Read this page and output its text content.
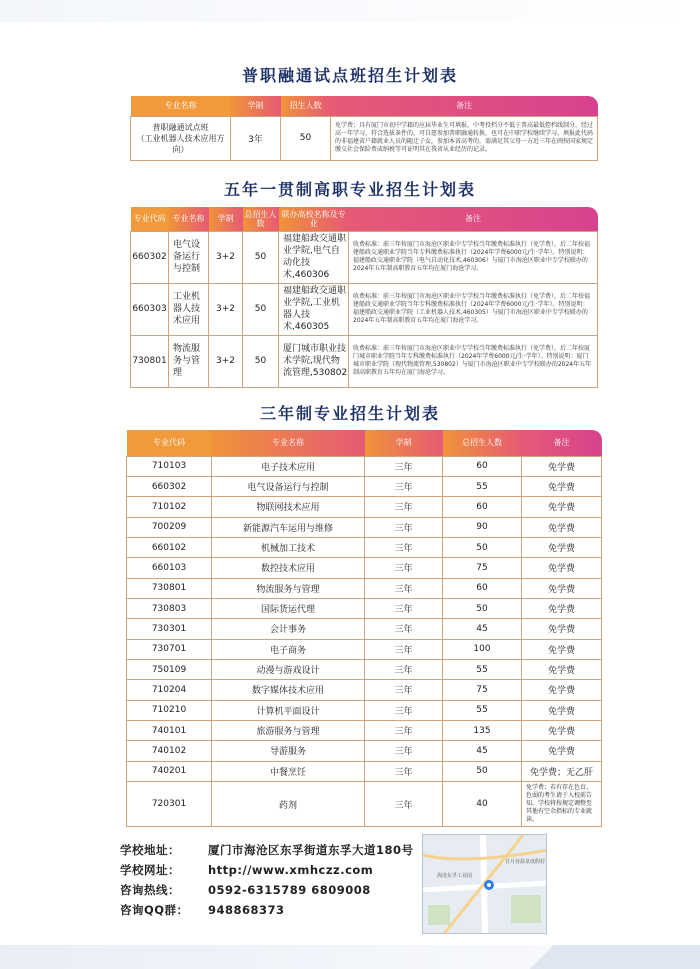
普职融通试点班招生计划表
专业名称	学制	招生人数	备注

普职融通试点班
（工业机器人技术应用方向）	3年	50	免学费；具有厦门市初中学籍的应届毕业生可填报。中考投档分不低于普高最低控档线制分，经过高一年学习，符合选拔条件的，可自愿参加普职融通转换，也可在中职学校继续学习。填报此代码的非福建省户籍就业人员的随迁子女，参加本省高考的，需满足其父母一方近三年在闽按国家规定缴交社会保险费或纳税等可证明其在我省从业经历的记录。
五年一贯制高职专业招生计划表
专业代码	专业名称	学制	总招生人数	联办高校名称及专业	备注
660302	电气设备运行与控制	3+2	50	福建船政交通职业学院,电气自动化技术,460306	收费标准：前三年按厦门市海沧区职业中专学校当年缴费标准执行（免学费），后二年按福建船政交通职业学院当年专科缴费标准执行（2024年学费6000元/生·学年）。特别说明：福建船政交通职业学院（电气自动化技术,460306）与厦门市海沧区职业中专学校联办的2024年五年制高职教育五年均在厦门海沧学习。
660303	工业机器人技术应用	3+2	50	福建船政交通职业学院,工业机器人技术,460305	收费标准：前三年按厦门市海沧区职业中专学校当年缴费标准执行（免学费），后二年按福建船政交通职业学院当年专科缴费标准执行（2024年学费6000元/生·学年）。特别说明：福建船政交通职业学院（工业机器人技术,460305）与厦门市海沧区职业中专学校联办的2024年五年制高职教育五年均在厦门海沧学习。
730801	物流服务与管理	3+2	50	厦门城市职业技术学院,现代物流管理,530802	收费标准：前三年按厦门市海沧区职业中专学校当年缴费标准执行（免学费），后二年按厦门城市职业学院当年专科缴费标准执行（2024年学费6000元/生·学年）。特别说明：厦门城市职业学院（现代物流管理,530802）与厦门市海沧区职业中专学校联办的2024年五年制高职教育五年均在厦门海沧学习。
三年制专业招生计划表
专业代码	专业名称	学制	总招生人数	备注
710103	电子技术应用	三年	60	免学费
660302	电气设备运行与控制	三年	55	免学费
710102	物联网技术应用	三年	60	免学费
700209	新能源汽车运用与维修	三年	90	免学费
660102	机械加工技术	三年	50	免学费
660103	数控技术应用	三年	75	免学费
730801	物流服务与管理	三年	60	免学费
730803	国际货运代理	三年	50	免学费
730301	会计事务	三年	45	免学费
730701	电子商务	三年	100	免学费
750109	动漫与游戏设计	三年	55	免学费
710204	数字媒体技术应用	三年	75	免学费
710210	计算机平面设计	三年	55	免学费
740101	旅游服务与管理	三年	135	免学费
740102	导游服务	三年	45	免学费
740201	中餐烹饪	三年	50	免学费；无乙肝
720301	药剂	三年	40	免学费；若有存在色盲、色弱的考生请于入校前告知，学校将按规定调整至其他有空余指标的专业就读。
学校地址： 厦门市海沧区东孚街道东孚大道180号
学校网址： http://www.xmhczz.com
咨询热线： 0592-6315789 6809008
咨询QQ群： 948868373
海沧东孚工业园
日月谷温泉度假村
